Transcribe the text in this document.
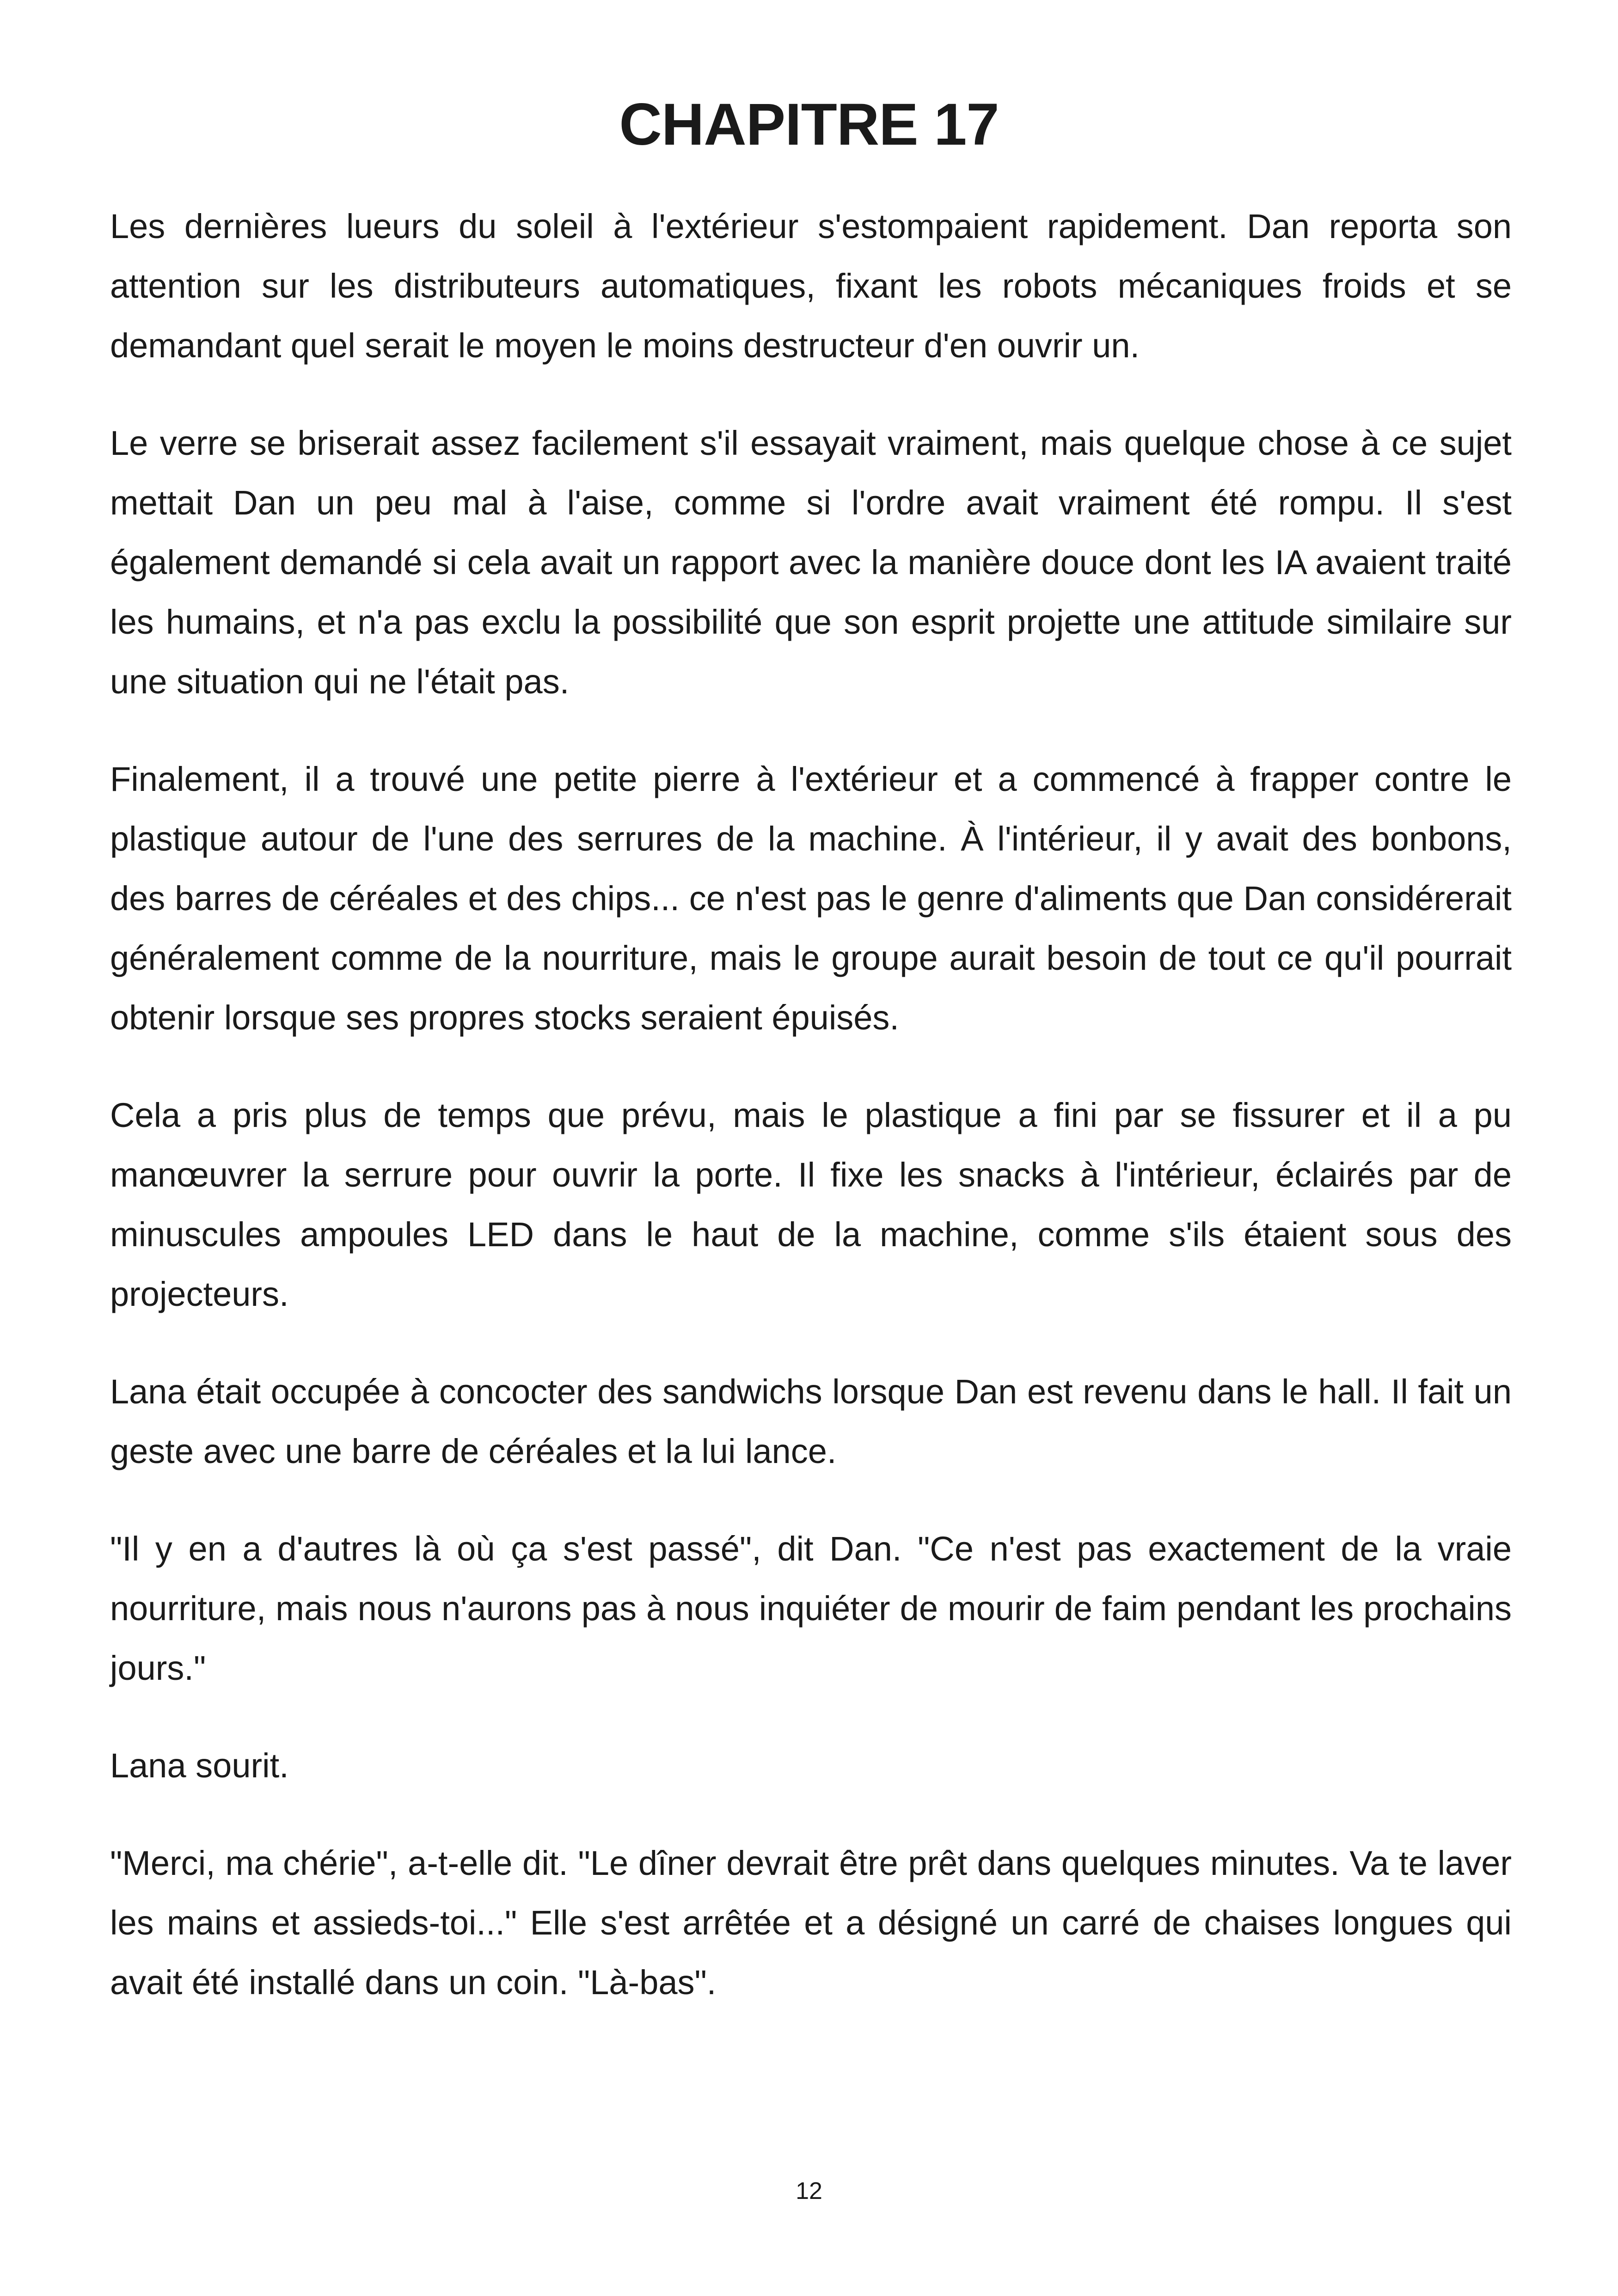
CHAPITRE 17

Les dernières lueurs du soleil à l'extérieur s'estompaient rapidement. Dan reporta son attention sur les distributeurs automatiques, fixant les robots mécaniques froids et se demandant quel serait le moyen le moins destructeur d'en ouvrir un.

Le verre se briserait assez facilement s'il essayait vraiment, mais quelque chose à ce sujet mettait Dan un peu mal à l'aise, comme si l'ordre avait vraiment été rompu. Il s'est également demandé si cela avait un rapport avec la manière douce dont les IA avaient traité les humains, et n'a pas exclu la possibilité que son esprit projette une attitude similaire sur une situation qui ne l'était pas.

Finalement, il a trouvé une petite pierre à l'extérieur et a commencé à frapper contre le plastique autour de l'une des serrures de la machine. À l'intérieur, il y avait des bonbons, des barres de céréales et des chips... ce n'est pas le genre d'aliments que Dan considérerait généralement comme de la nourriture, mais le groupe aurait besoin de tout ce qu'il pourrait obtenir lorsque ses propres stocks seraient épuisés.

Cela a pris plus de temps que prévu, mais le plastique a fini par se fissurer et il a pu manœuvrer la serrure pour ouvrir la porte. Il fixe les snacks à l'intérieur, éclairés par de minuscules ampoules LED dans le haut de la machine, comme s'ils étaient sous des projecteurs.

Lana était occupée à concocter des sandwichs lorsque Dan est revenu dans le hall. Il fait un geste avec une barre de céréales et la lui lance.

"Il y en a d'autres là où ça s'est passé", dit Dan. "Ce n'est pas exactement de la vraie nourriture, mais nous n'aurons pas à nous inquiéter de mourir de faim pendant les prochains jours."

Lana sourit.

"Merci, ma chérie", a-t-elle dit. "Le dîner devrait être prêt dans quelques minutes. Va te laver les mains et assieds-toi..." Elle s'est arrêtée et a désigné un carré de chaises longues qui avait été installé dans un coin. "Là-bas".

12
